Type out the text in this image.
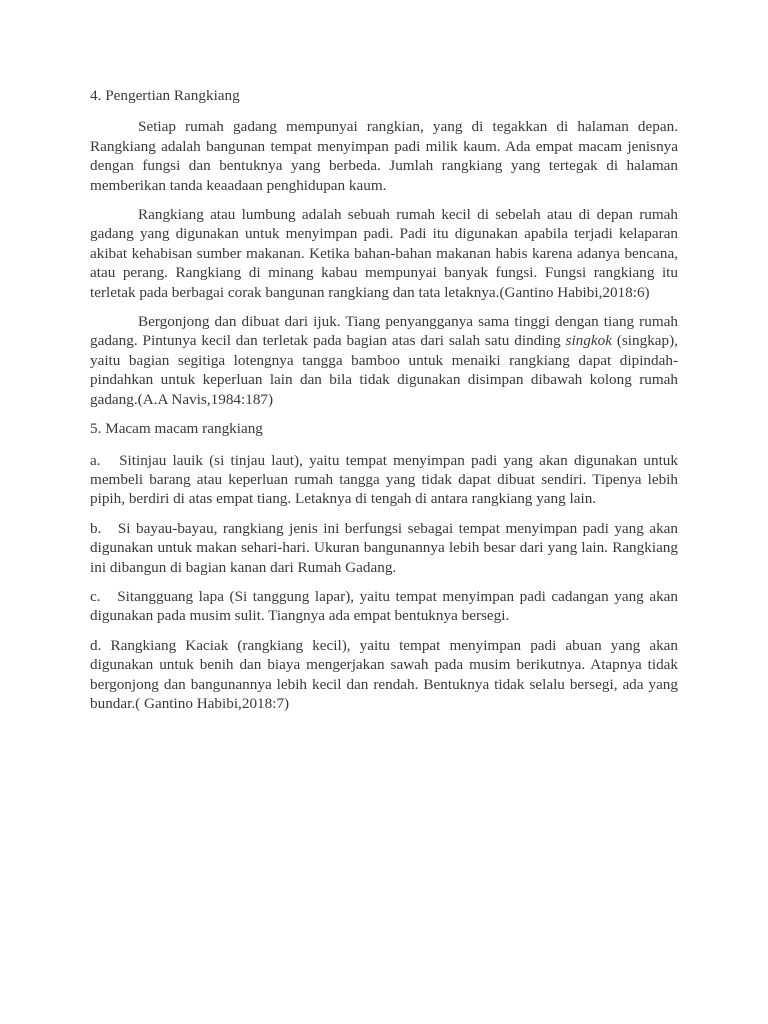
4. Pengertian Rangkiang

Setiap rumah gadang mempunyai rangkian, yang di tegakkan di halaman depan. Rangkiang adalah bangunan tempat menyimpan padi milik kaum. Ada empat macam jenisnya dengan fungsi dan bentuknya yang berbeda. Jumlah rangkiang yang tertegak di halaman memberikan tanda keaadaan penghidupan kaum.

Rangkiang atau lumbung adalah sebuah rumah kecil di sebelah atau di depan rumah gadang yang digunakan untuk menyimpan padi. Padi itu digunakan apabila terjadi kelaparan akibat kehabisan sumber makanan. Ketika bahan-bahan makanan habis karena adanya bencana, atau perang. Rangkiang di minang kabau mempunyai banyak fungsi. Fungsi rangkiang itu terletak pada berbagai corak bangunan rangkiang dan tata letaknya.(Gantino Habibi,2018:6)

Bergonjong dan dibuat dari ijuk. Tiang penyangganya sama tinggi dengan tiang rumah gadang. Pintunya kecil dan terletak pada bagian atas dari salah satu dinding singkok (singkap), yaitu bagian segitiga lotengnya tangga bamboo untuk menaiki rangkiang dapat dipindah-pindahkan untuk keperluan lain dan bila tidak digunakan disimpan dibawah kolong rumah gadang.(A.A Navis,1984:187)

5. Macam macam rangkiang

a.   Sitinjau lauik (si tinjau laut), yaitu tempat menyimpan padi yang akan digunakan untuk membeli barang atau keperluan rumah tangga yang tidak dapat dibuat sendiri. Tipenya lebih pipih, berdiri di atas empat tiang. Letaknya di tengah di antara rangkiang yang lain.

b.   Si bayau-bayau, rangkiang jenis ini berfungsi sebagai tempat menyimpan padi yang akan digunakan untuk makan sehari-hari. Ukuran bangunannya lebih besar dari yang lain. Rangkiang ini dibangun di bagian kanan dari Rumah Gadang.

c.   Sitangguang lapa (Si tanggung lapar), yaitu tempat menyimpan padi cadangan yang akan digunakan pada musim sulit. Tiangnya ada empat bentuknya bersegi.

d. Rangkiang Kaciak (rangkiang kecil), yaitu tempat menyimpan padi abuan yang akan digunakan untuk benih dan biaya mengerjakan sawah pada musim berikutnya. Atapnya tidak bergonjong dan bangunannya lebih kecil dan rendah. Bentuknya tidak selalu bersegi, ada yang bundar.( Gantino Habibi,2018:7)
